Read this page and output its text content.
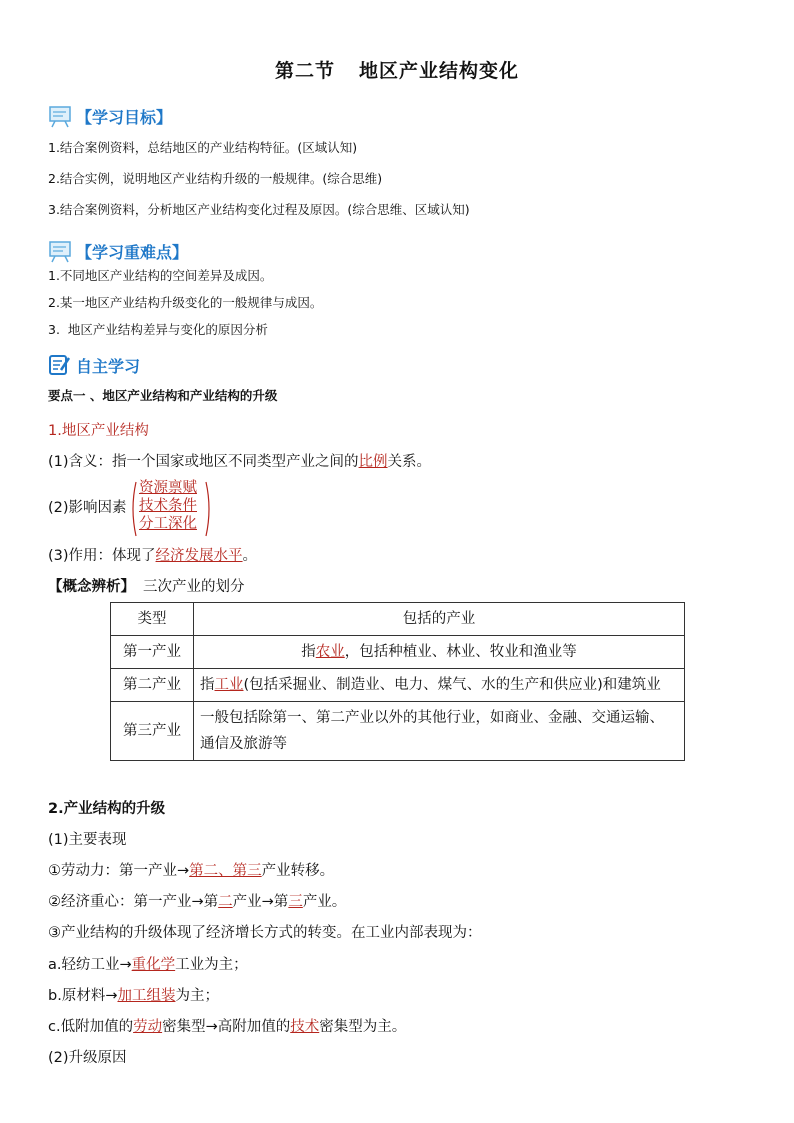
第二节 地区产业结构变化
【学习目标】
1.结合案例资料，总结地区的产业结构特征。(区域认知)
2.结合实例，说明地区产业结构升级的一般规律。(综合思维)
3.结合案例资料，分析地区产业结构变化过程及原因。(综合思维、区域认知)
【学习重难点】
1.不同地区产业结构的空间差异及成因。
2.某一地区产业结构升级变化的一般规律与成因。
3.  地区产业结构差异与变化的原因分析
自主学习
要点一 、地区产业结构和产业结构的升级
1.地区产业结构
(1)含义：指一个国家或地区不同类型产业之间的比例关系。
(2)影响因素
资源禀赋
技术条件
分工深化
(3)作用：体现了经济发展水平。
【概念辨析】 三次产业的划分
类型	包括的产业
第一产业	指农业，包括种植业、林业、牧业和渔业等
第二产业	指工业(包括采掘业、制造业、电力、煤气、水的生产和供应业)和建筑业
第三产业	一般包括除第一、第二产业以外的其他行业，如商业、金融、交通运输、通信及旅游等
2.产业结构的升级
(1)主要表现
①劳动力：第一产业→第二、第三产业转移。
②经济重心：第一产业→第二产业→第三产业。
③产业结构的升级体现了经济增长方式的转变。在工业内部表现为：
a.轻纺工业→重化学工业为主；
b.原材料→加工组装为主；
c.低附加值的劳动密集型→高附加值的技术密集型为主。
(2)升级原因
